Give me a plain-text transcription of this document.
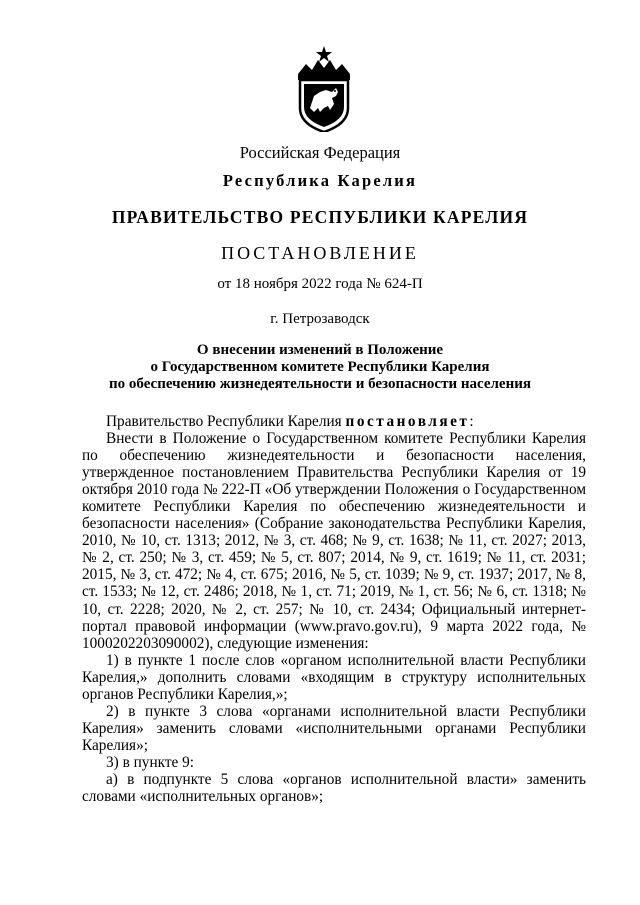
Российская Федерация
Республика Карелия
ПРАВИТЕЛЬСТВО РЕСПУБЛИКИ КАРЕЛИЯ
ПОСТАНОВЛЕНИЕ
от 18 ноября 2022 года № 624-П
г. Петрозаводск
О внесении изменений в Положение
о Государственном комитете Республики Карелия
по обеспечению жизнедеятельности и безопасности населения

Правительство Республики Карелия постановляет:

Внести в Положение о Государственном комитете Республики Карелия по обеспечению жизнедеятельности и безопасности населения, утвержденное постановлением Правительства Республики Карелия от 19 октября 2010 года № 222-П «Об утверждении Положения о Государственном комитете Республики Карелия по обеспечению жизнедеятельности и безопасности населения» (Собрание законодательства Республики Карелия, 2010, № 10, ст. 1313; 2012, № 3, ст. 468; № 9, ст. 1638; № 11, ст. 2027; 2013, № 2, ст. 250; № 3, ст. 459; № 5, ст. 807; 2014, № 9, ст. 1619; № 11, ст. 2031; 2015, № 3, ст. 472; № 4, ст. 675; 2016, № 5, ст. 1039; № 9, ст. 1937; 2017, № 8, ст. 1533; № 12, ст. 2486; 2018, № 1, ст. 71; 2019, № 1, ст. 56; № 6, ст. 1318; № 10, ст. 2228; 2020, № 2, ст. 257; № 10, ст. 2434; Официальный интернет-портал правовой информации (www.pravo.gov.ru), 9 марта 2022 года, № 1000202203090002), следующие изменения:

1) в пункте 1 после слов «органом исполнительной власти Республики Карелия,» дополнить словами «входящим в структуру исполнительных органов Республики Карелия,»;

2) в пункте 3 слова «органами исполнительной власти Республики Карелия» заменить словами «исполнительными органами Республики Карелия»;

3) в пункте 9:

а) в подпункте 5 слова «органов исполнительной власти» заменить словами «исполнительных органов»;
